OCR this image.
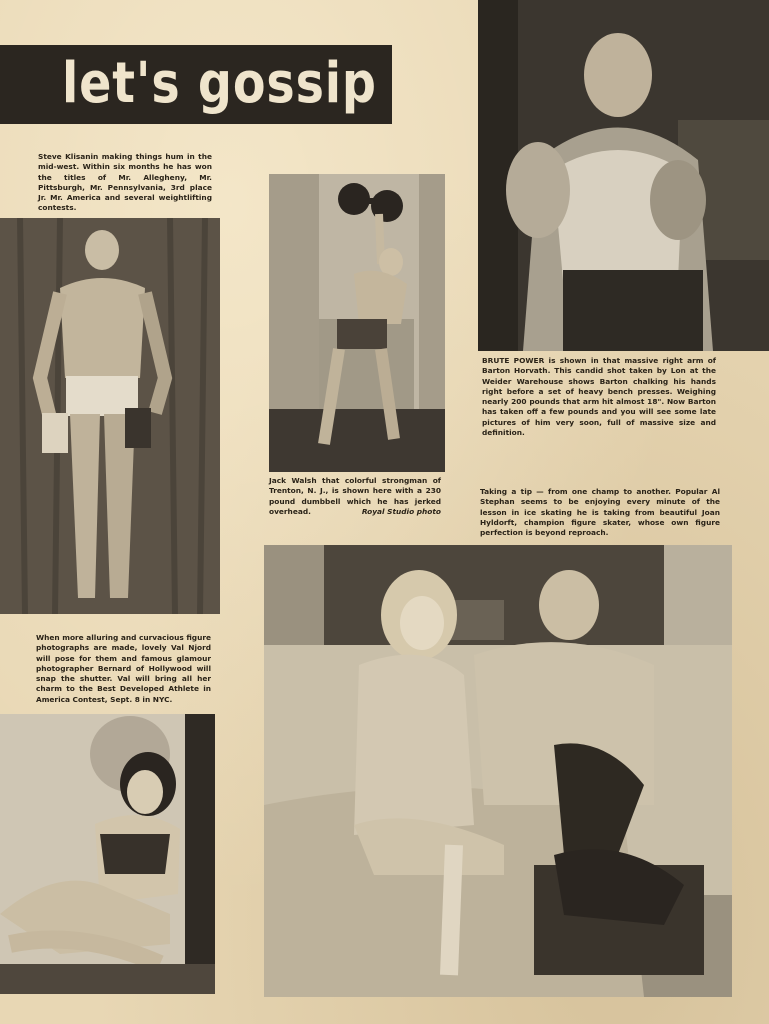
let's gossip
Steve Klisanin making things hum in the mid-west. Within six months he has won the titles of Mr. Allegheny, Mr. Pittsburgh, Mr. Pennsylvania, 3rd place Jr. Mr. America and several weightlifting contests.
Jack Walsh that colorful strongman of Trenton, N. J., is shown here with a 230 pound dumbbell which he has jerked overhead.	Royal Studio photo
BRUTE POWER is shown in that massive right arm of Barton Horvath. This candid shot taken by Lon at the Weider Warehouse shows Barton chalking his hands right before a set of heavy bench presses. Weighing nearly 200 pounds that arm hit almost 18". Now Barton has taken off a few pounds and you will see some late pictures of him very soon, full of massive size and definition.
Taking a tip — from one champ to another. Popular Al Stephan seems to be enjoying every minute of the lesson in ice skating he is taking from beautiful Joan Hyldorft, champion figure skater, whose own figure perfection is beyond reproach.
When more alluring and curvacious figure photographs are made, lovely Val Njord will pose for them and famous glamour photographer Bernard of Hollywood will snap the shutter. Val will bring all her charm to the Best Developed Athlete in America Contest, Sept. 8 in NYC.
